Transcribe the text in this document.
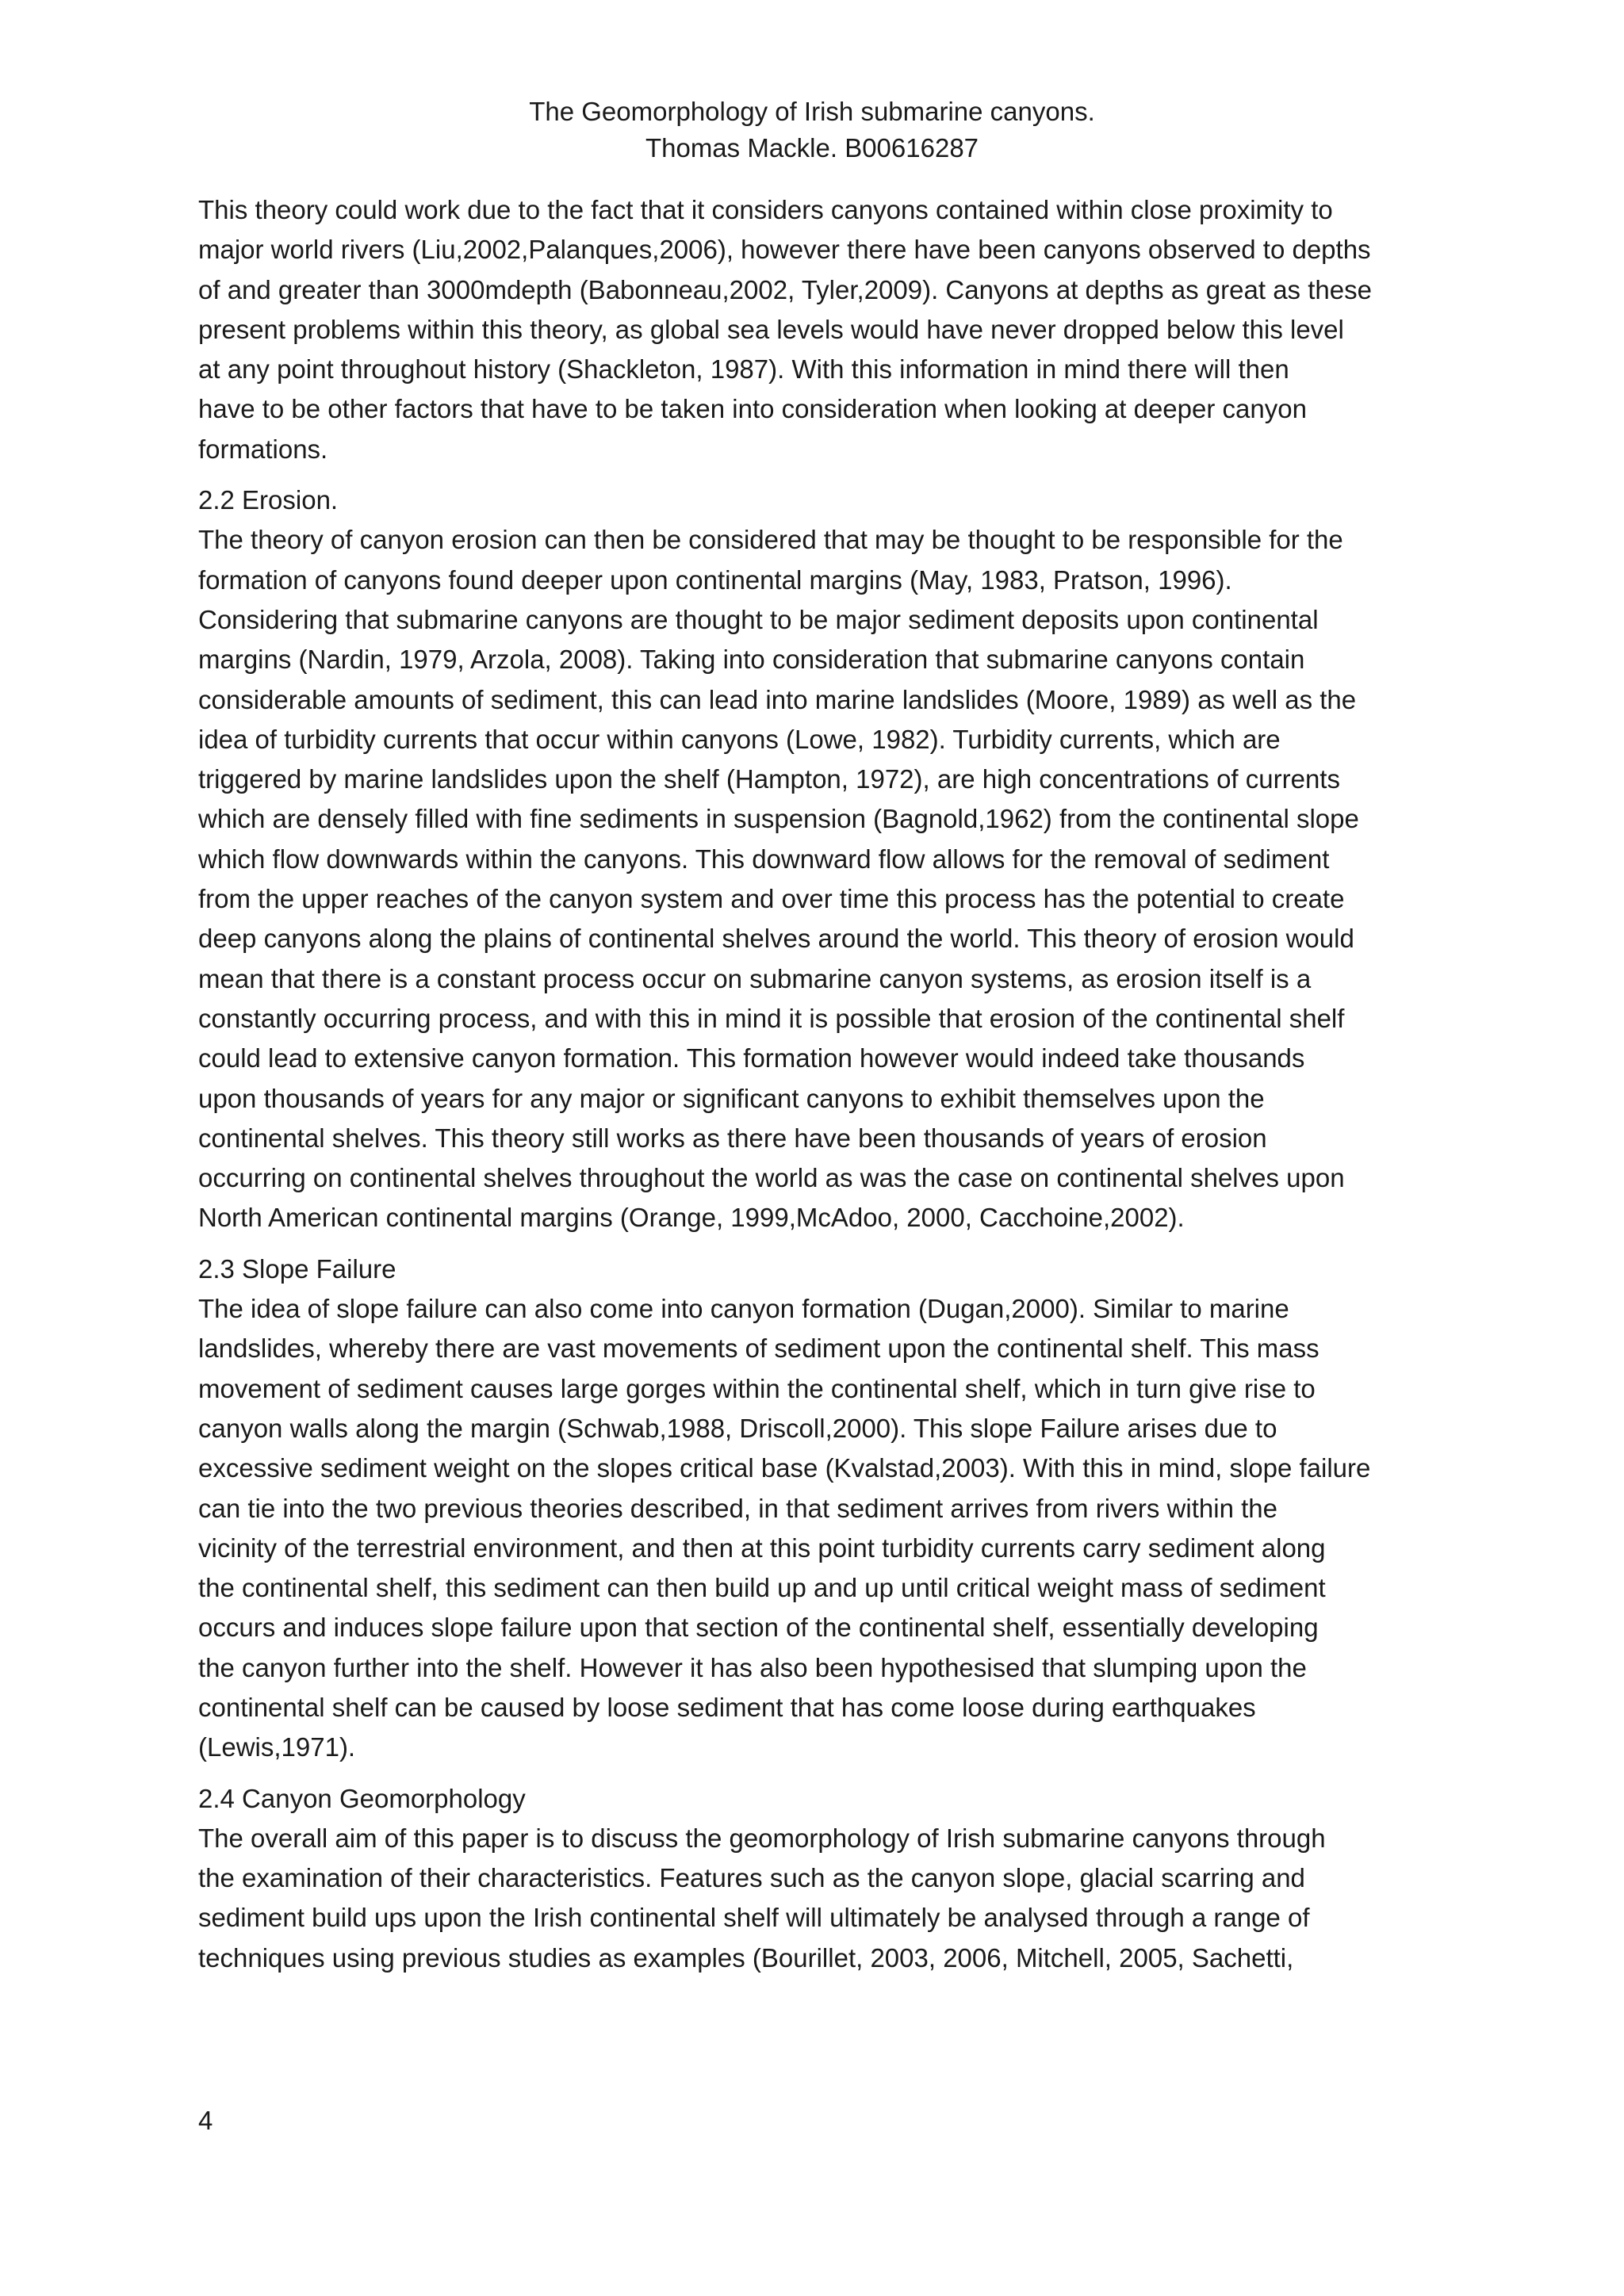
The Geomorphology of Irish submarine canyons.
Thomas Mackle. B00616287

This theory could work due to the fact that it considers canyons contained within close proximity to
major world rivers (Liu,2002,Palanques,2006), however there have been canyons observed to depths
of and greater than 3000mdepth (Babonneau,2002, Tyler,2009). Canyons at depths as great as these
present problems within this theory, as global sea levels would have never dropped below this level
at any point throughout history (Shackleton, 1987). With this information in mind there will then
have to be other factors that have to be taken into consideration when looking at deeper canyon
formations.

2.2 Erosion.

The theory of canyon erosion can then be considered that may be thought to be responsible for the
formation of canyons found deeper upon continental margins (May, 1983, Pratson, 1996).
Considering that submarine canyons are thought to be major sediment deposits upon continental
margins (Nardin, 1979, Arzola, 2008). Taking into consideration that submarine canyons contain
considerable amounts of sediment, this can lead into marine landslides (Moore, 1989) as well as the
idea of turbidity currents that occur within canyons (Lowe, 1982). Turbidity currents, which are
triggered by marine landslides upon the shelf (Hampton, 1972), are high concentrations of currents
which are densely filled with fine sediments in suspension (Bagnold,1962) from the continental slope
which flow downwards within the canyons. This downward flow allows for the removal of sediment
from the upper reaches of the canyon system and over time this process has the potential to create
deep canyons along the plains of continental shelves around the world. This theory of erosion would
mean that there is a constant process occur on submarine canyon systems, as erosion itself is a
constantly occurring process, and with this in mind it is possible that erosion of the continental shelf
could lead to extensive canyon formation. This formation however would indeed take thousands
upon thousands of years for any major or significant canyons to exhibit themselves upon the
continental shelves. This theory still works as there have been thousands of years of erosion
occurring on continental shelves throughout the world as was the case on continental shelves upon
North American continental margins (Orange, 1999,McAdoo, 2000, Cacchoine,2002).

2.3 Slope Failure

The idea of slope failure can also come into canyon formation (Dugan,2000). Similar to marine
landslides, whereby there are vast movements of sediment upon the continental shelf. This mass
movement of sediment causes large gorges within the continental shelf, which in turn give rise to
canyon walls along the margin (Schwab,1988, Driscoll,2000). This slope Failure arises due to
excessive sediment weight on the slopes critical base (Kvalstad,2003). With this in mind, slope failure
can tie into the two previous theories described, in that sediment arrives from rivers within the
vicinity of the terrestrial environment, and then at this point turbidity currents carry sediment along
the continental shelf, this sediment can then build up and up until critical weight mass of sediment
occurs and induces slope failure upon that section of the continental shelf, essentially developing
the canyon further into the shelf. However it has also been hypothesised that slumping upon the
continental shelf can be caused by loose sediment that has come loose during earthquakes
(Lewis,1971).

2.4 Canyon Geomorphology

The overall aim of this paper is to discuss the geomorphology of Irish submarine canyons through
the examination of their characteristics. Features such as the canyon slope, glacial scarring and
sediment build ups upon the Irish continental shelf will ultimately be analysed through a range of
techniques using previous studies as examples (Bourillet, 2003, 2006, Mitchell, 2005, Sachetti,

4
